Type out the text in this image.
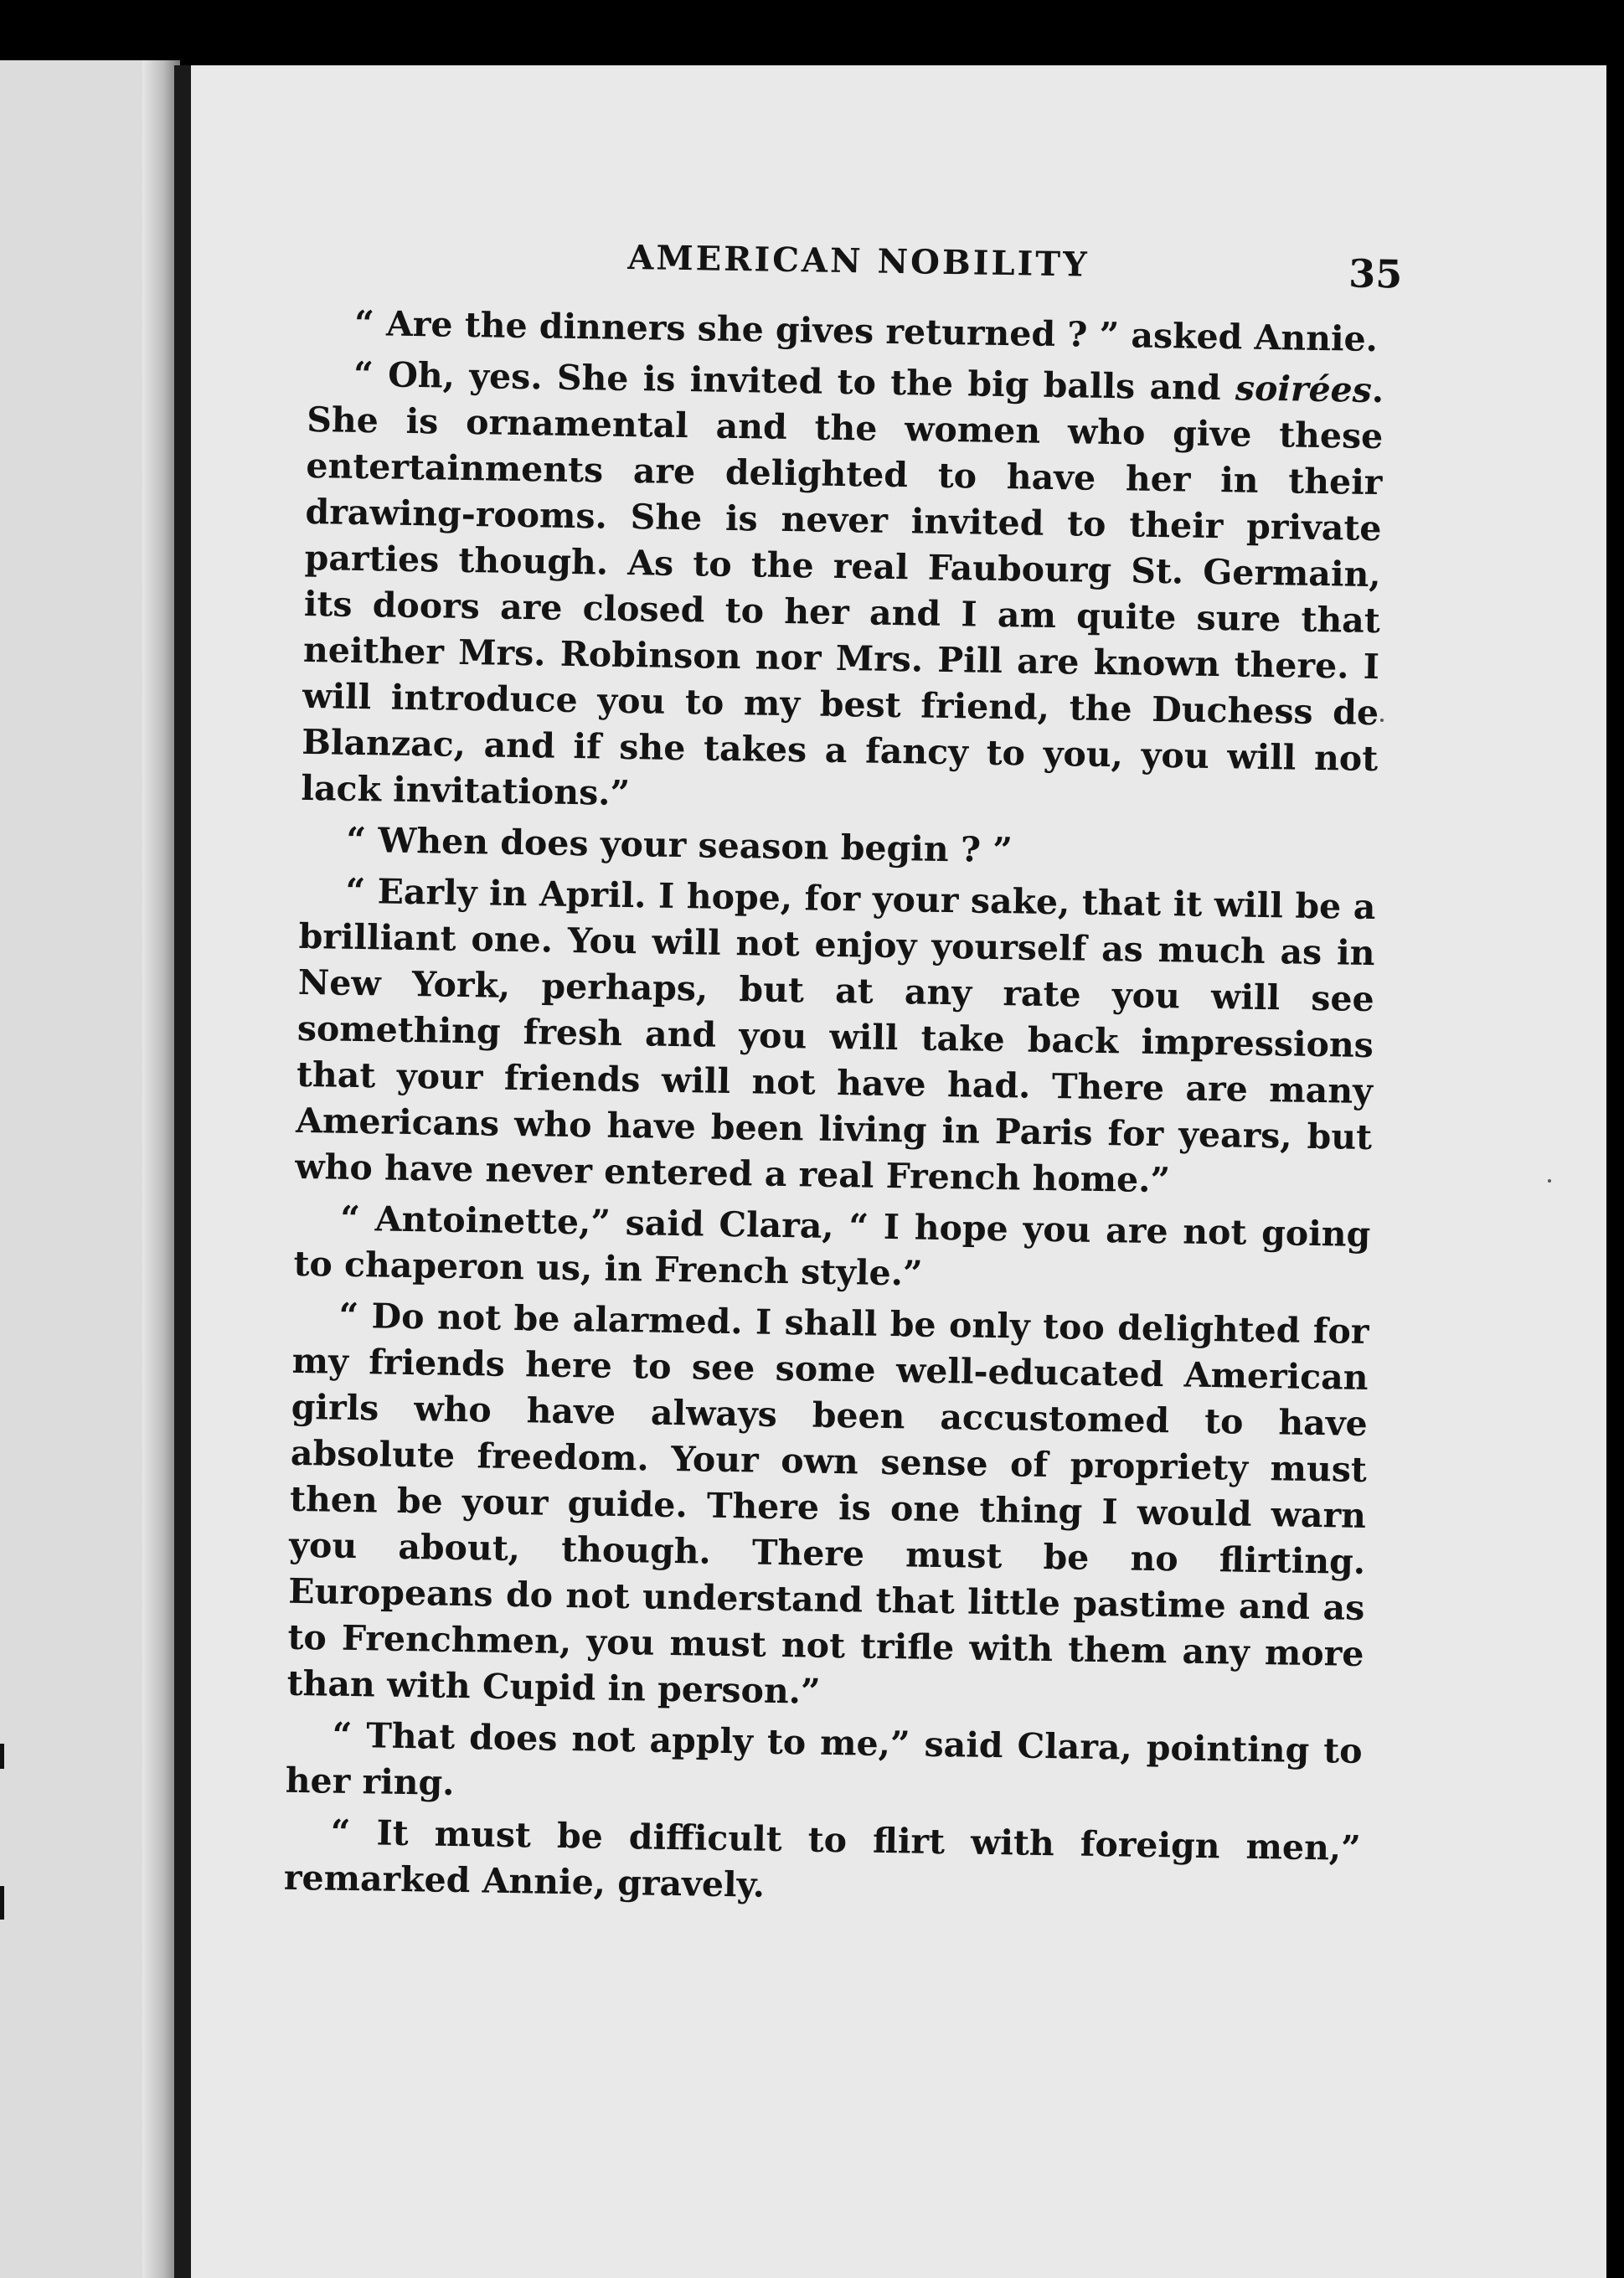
AMERICAN NOBILITY	35

“ Are the dinners she gives returned ? ” asked Annie.

“ Oh, yes. She is invited to the big balls and soirées. She is ornamental and the women who give these entertainments are delighted to have her in their drawing-rooms. She is never invited to their private parties though. As to the real Faubourg St. Germain, its doors are closed to her and I am quite sure that neither Mrs. Robinson nor Mrs. Pill are known there. I will introduce you to my best friend, the Duchess de Blanzac, and if she takes a fancy to you, you will not lack invitations.”

“ When does your season begin ? ”

“ Early in April. I hope, for your sake, that it will be a brilliant one. You will not enjoy yourself as much as in New York, perhaps, but at any rate you will see something fresh and you will take back impressions that your friends will not have had. There are many Americans who have been living in Paris for years, but who have never entered a real French home.”

“ Antoinette,” said Clara, “ I hope you are not going to chaperon us, in French style.”

“ Do not be alarmed. I shall be only too delighted for my friends here to see some well-educated American girls who have always been accustomed to have absolute freedom. Your own sense of propriety must then be your guide. There is one thing I would warn you about, though. There must be no flirting. Europeans do not understand that little pastime and as to Frenchmen, you must not trifle with them any more than with Cupid in person.”

“ That does not apply to me,” said Clara, pointing to her ring.

“ It must be difficult to flirt with foreign men,” remarked Annie, gravely.
